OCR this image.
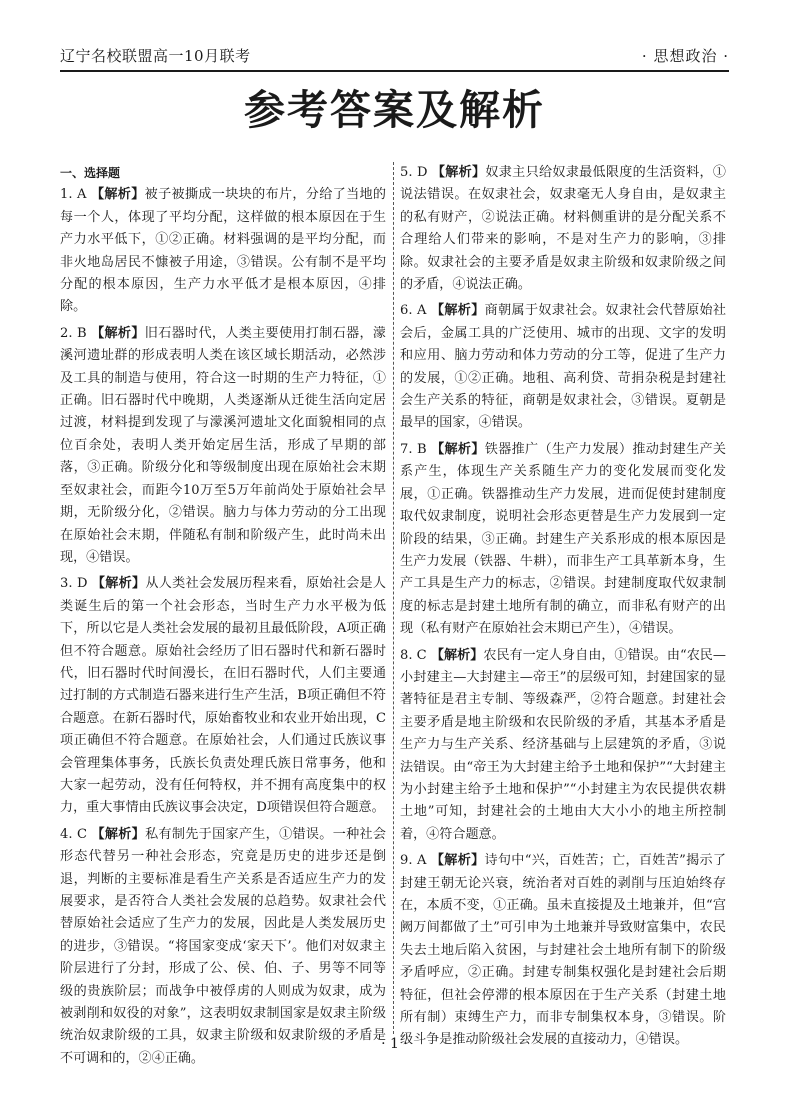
辽宁名校联盟高一10月联考	· 思想政治 ·
参考答案及解析
一、选择题

1. A 【解析】被子被撕成一块块的布片，分给了当地的每一个人，体现了平均分配，这样做的根本原因在于生产力水平低下，①②正确。材料强调的是平均分配，而非火地岛居民不慷被子用途，③错误。公有制不是平均分配的根本原因，生产力水平低才是根本原因，④排除。

2. B 【解析】旧石器时代，人类主要使用打制石器，濛溪河遗址群的形成表明人类在该区域长期活动，必然涉及工具的制造与使用，符合这一时期的生产力特征，①正确。旧石器时代中晚期，人类逐渐从迁徙生活向定居过渡，材料提到发现了与濛溪河遗址文化面貌相同的点位百余处，表明人类开始定居生活，形成了早期的部落，③正确。阶级分化和等级制度出现在原始社会末期至奴隶社会，而距今10万至5万年前尚处于原始社会早期，无阶级分化，②错误。脑力与体力劳动的分工出现在原始社会末期，伴随私有制和阶级产生，此时尚未出现，④错误。

3. D 【解析】从人类社会发展历程来看，原始社会是人类诞生后的第一个社会形态，当时生产力水平极为低下，所以它是人类社会发展的最初且最低阶段，A项正确但不符合题意。原始社会经历了旧石器时代和新石器时代，旧石器时代时间漫长，在旧石器时代，人们主要通过打制的方式制造石器来进行生产生活，B项正确但不符合题意。在新石器时代，原始畜牧业和农业开始出现，C项正确但不符合题意。在原始社会，人们通过氏族议事会管理集体事务，氏族长负责处理氏族日常事务，他和大家一起劳动，没有任何特权，并不拥有高度集中的权力，重大事情由氏族议事会决定，D项错误但符合题意。

4. C 【解析】私有制先于国家产生，①错误。一种社会形态代替另一种社会形态，究竟是历史的进步还是倒退，判断的主要标准是看生产关系是否适应生产力的发展要求，是否符合人类社会发展的总趋势。奴隶社会代替原始社会适应了生产力的发展，因此是人类发展历史的进步，③错误。“将国家变成‘家天下’。他们对奴隶主阶层进行了分封，形成了公、侯、伯、子、男等不同等级的贵族阶层；而战争中被俘虏的人则成为奴隶，成为被剥削和奴役的对象”，这表明奴隶制国家是奴隶主阶级统治奴隶阶级的工具，奴隶主阶级和奴隶阶级的矛盾是不可调和的，②④正确。

5. D 【解析】奴隶主只给奴隶最低限度的生活资料，①说法错误。在奴隶社会，奴隶毫无人身自由，是奴隶主的私有财产，②说法正确。材料侧重讲的是分配关系不合理给人们带来的影响，不是对生产力的影响，③排除。奴隶社会的主要矛盾是奴隶主阶级和奴隶阶级之间的矛盾，④说法正确。

6. A 【解析】商朝属于奴隶社会。奴隶社会代替原始社会后，金属工具的广泛使用、城市的出现、文字的发明和应用、脑力劳动和体力劳动的分工等，促进了生产力的发展，①②正确。地租、高利贷、苛捐杂税是封建社会生产关系的特征，商朝是奴隶社会，③错误。夏朝是最早的国家，④错误。

7. B 【解析】铁器推广（生产力发展）推动封建生产关系产生，体现生产关系随生产力的变化发展而变化发展，①正确。铁器推动生产力发展，进而促使封建制度取代奴隶制度，说明社会形态更替是生产力发展到一定阶段的结果，③正确。封建生产关系形成的根本原因是生产力发展（铁器、牛耕），而非生产工具革新本身，生产工具是生产力的标志，②错误。封建制度取代奴隶制度的标志是封建土地所有制的确立，而非私有财产的出现（私有财产在原始社会末期已产生），④错误。

8. C 【解析】农民有一定人身自由，①错误。由“农民—小封建主—大封建主—帝王”的层级可知，封建国家的显著特征是君主专制、等级森严，②符合题意。封建社会主要矛盾是地主阶级和农民阶级的矛盾，其基本矛盾是生产力与生产关系、经济基础与上层建筑的矛盾，③说法错误。由“帝王为大封建主给予土地和保护”“大封建主为小封建主给予土地和保护”“小封建主为农民提供农耕土地”可知，封建社会的土地由大大小小的地主所控制着，④符合题意。

9. A 【解析】诗句中“兴，百姓苦；亡，百姓苦”揭示了封建王朝无论兴衰，统治者对百姓的剥削与压迫始终存在，本质不变，①正确。虽未直接提及土地兼并，但“宫阙万间都做了土”可引申为土地兼并导致财富集中，农民失去土地后陷入贫困，与封建社会土地所有制下的阶级矛盾呼应，②正确。封建专制集权强化是封建社会后期特征，但社会停滞的根本原因在于生产关系（封建土地所有制）束缚生产力，而非专制集权本身，③错误。阶级斗争是推动阶级社会发展的直接动力，④错误。

· 1 ·
